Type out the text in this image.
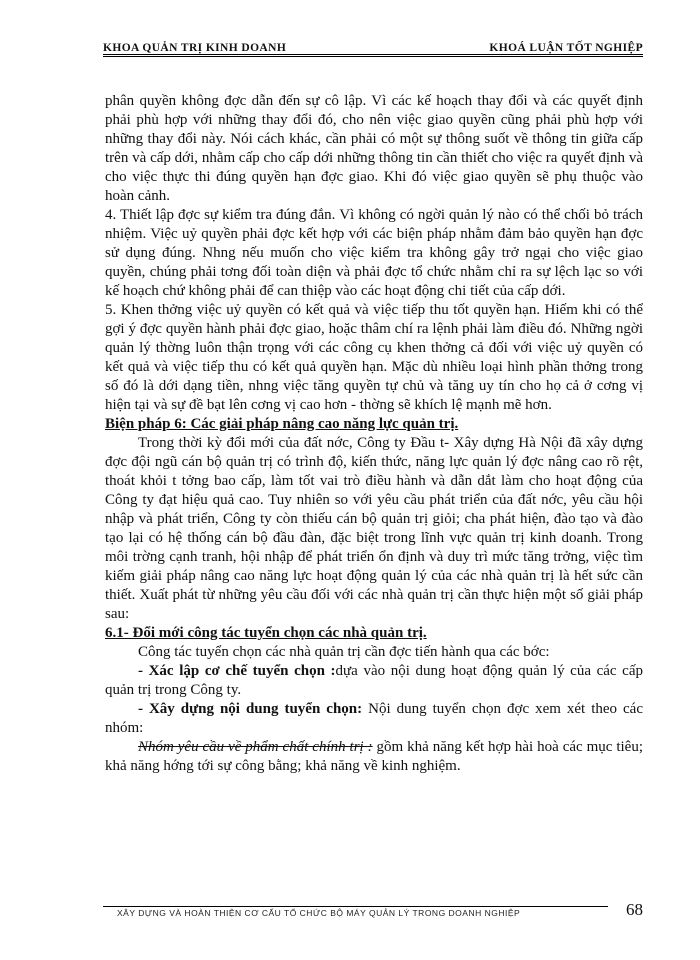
KHOA QUẢN TRỊ KINH DOANH	KHOÁ LUẬN TỐT NGHIỆP

phân quyền không đợc dẫn đến sự cô lập. Vì các kế hoạch thay đổi và các quyết định phải phù hợp với những thay đổi đó, cho nên việc giao quyền cũng phải phù hợp với những thay đổi này. Nói cách khác, cần phải có một sự thông suốt về thông tin giữa cấp trên và cấp dới, nhằm cấp cho cấp dới những thông tin cần thiết cho việc ra quyết định và cho việc thực thi đúng quyền hạn đợc giao. Khi đó việc giao quyền sẽ phụ thuộc vào hoàn cảnh.

4. Thiết lập đợc sự kiểm tra đúng đắn. Vì không có ngời quản lý nào có thể chối bỏ trách nhiệm. Việc uỷ quyền phải đợc kết hợp với các biện pháp nhằm đảm bảo quyền hạn đợc sử dụng đúng. Nhng nếu muốn cho việc kiểm tra không gây trở ngại cho việc giao quyền, chúng phải tơng đối toàn diện và phải đợc tổ chức nhằm chỉ ra sự lệch lạc so với kế hoạch chứ không phải để can thiệp vào các hoạt động chi tiết của cấp dới.

5. Khen thởng việc uỷ quyền có kết quả và việc tiếp thu tốt quyền hạn. Hiếm khi có thể gợi ý đợc quyền hành phải đợc giao, hoặc thâm chí ra lệnh phải làm điều đó. Những ngời quản lý thờng luôn thận trọng với các công cụ khen thởng cả đối với việc uỷ quyền có kết quả và việc tiếp thu có kết quả quyền hạn. Mặc dù nhiều loại hình phần thởng trong số đó là dới dạng tiền, nhng việc tăng quyền tự chủ và tăng uy tín cho họ cả ở cơng vị hiện tại và sự đề bạt lên cơng vị cao hơn - thờng sẽ khích lệ mạnh mẽ hơn.

Biện pháp 6: Các giải pháp nâng cao năng lực quản trị.

Trong thời kỳ đổi mới của đất nớc, Công ty Đầu t- Xây dựng Hà Nội đã xây dựng đợc đội ngũ cán bộ quản trị có trình độ, kiến thức, năng lực quản lý đợc nâng cao rõ rệt, thoát khỏi t tởng bao cấp, làm tốt vai trò điều hành và dẫn dắt làm cho hoạt động của Công ty đạt hiệu quả cao. Tuy nhiên so với yêu cầu phát triển của đất nớc, yêu cầu hội nhập và phát triển, Công ty còn thiếu cán bộ quản trị giỏi; cha phát hiện, đào tạo và đào tạo lại có hệ thống cán bộ đầu đàn, đặc biệt trong lĩnh vực quản trị kinh doanh. Trong môi trờng cạnh tranh, hội nhập để phát triển ổn định và duy trì mức tăng trởng, việc tìm kiếm giải pháp nâng cao năng lực hoạt động quản lý của các nhà quản trị là hết sức cần thiết. Xuất phát từ những yêu cầu đối với các nhà quản trị cần thực hiện một số giải pháp sau:

6.1- Đổi mới công tác tuyển chọn các nhà quản trị.

Công tác tuyển chọn các nhà quản trị cần đợc tiến hành qua các bớc:

- Xác lập cơ chế tuyển chọn :dựa vào nội dung hoạt động quản lý của các cấp quản trị trong Công ty.

- Xây dựng nội dung tuyển chọn: Nội dung tuyển chọn đợc xem xét theo các nhóm:

Nhóm yêu cầu về phẩm chất chính trị : gồm khả năng kết hợp hài hoà các mục tiêu; khả năng hớng tới sự công bằng; khả năng về kinh nghiệm.

XÂY DỰNG VÀ HOÀN THIỆN CƠ CẤU TỔ CHỨC BỘ MÁY QUẢN LÝ TRONG DOANH NGHIỆP	68
